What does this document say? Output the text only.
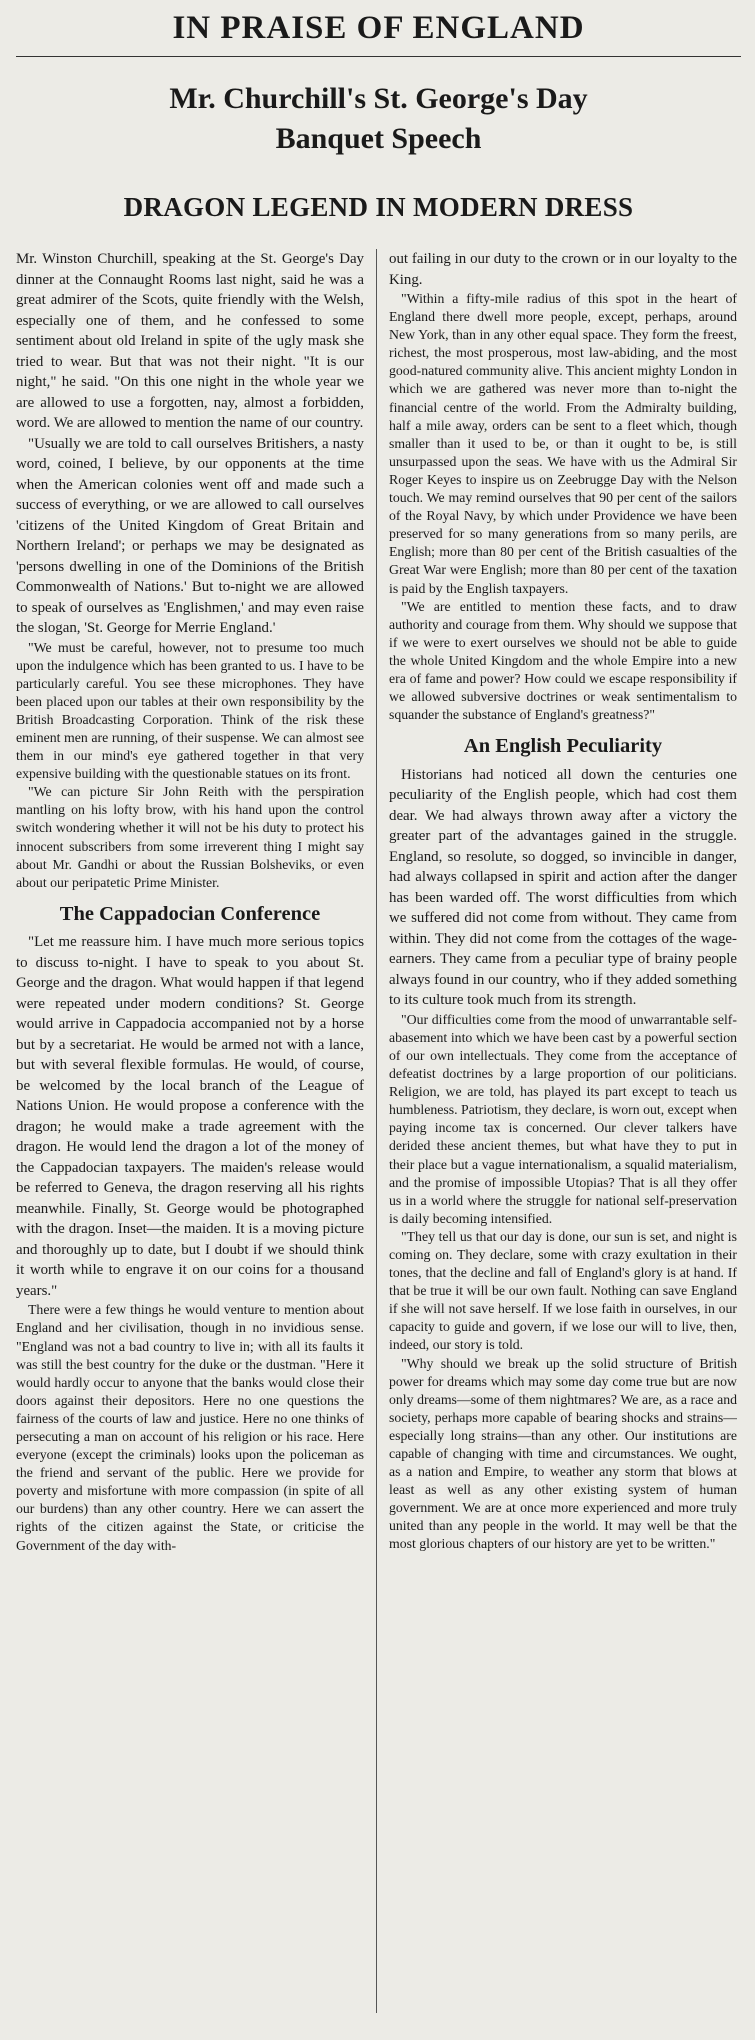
IN PRAISE OF ENGLAND
Mr. Churchill's St. George's Day
Banquet Speech
DRAGON LEGEND IN MODERN DRESS

Mr. Winston Churchill, speaking at the St. George's Day dinner at the Connaught Rooms last night, said he was a great admirer of the Scots, quite friendly with the Welsh, especially one of them, and he confessed to some sentiment about old Ireland in spite of the ugly mask she tried to wear. But that was not their night. "It is our night," he said. "On this one night in the whole year we are allowed to use a forgotten, nay, almost a forbidden, word. We are allowed to mention the name of our country.

"Usually we are told to call ourselves Britishers, a nasty word, coined, I believe, by our opponents at the time when the American colonies went off and made such a success of everything, or we are allowed to call ourselves 'citizens of the United Kingdom of Great Britain and Northern Ireland'; or perhaps we may be designated as 'persons dwelling in one of the Dominions of the British Commonwealth of Nations.' But to-night we are allowed to speak of ourselves as 'Englishmen,' and may even raise the slogan, 'St. George for Merrie England.'

"We must be careful, however, not to presume too much upon the indulgence which has been granted to us. I have to be particularly careful. You see these microphones. They have been placed upon our tables at their own responsibility by the British Broadcasting Corporation. Think of the risk these eminent men are running, of their suspense. We can almost see them in our mind's eye gathered together in that very expensive building with the questionable statues on its front.

"We can picture Sir John Reith with the perspiration mantling on his lofty brow, with his hand upon the control switch wondering whether it will not be his duty to protect his innocent subscribers from some irreverent thing I might say about Mr. Gandhi or about the Russian Bolsheviks, or even about our peripatetic Prime Minister.

The Cappadocian Conference

"Let me reassure him. I have much more serious topics to discuss to-night. I have to speak to you about St. George and the dragon. What would happen if that legend were repeated under modern conditions? St. George would arrive in Cappadocia accompanied not by a horse but by a secretariat. He would be armed not with a lance, but with several flexible formulas. He would, of course, be welcomed by the local branch of the League of Nations Union. He would propose a conference with the dragon; he would make a trade agreement with the dragon. He would lend the dragon a lot of the money of the Cappadocian taxpayers. The maiden's release would be referred to Geneva, the dragon reserving all his rights meanwhile. Finally, St. George would be photographed with the dragon. Inset—the maiden. It is a moving picture and thoroughly up to date, but I doubt if we should think it worth while to engrave it on our coins for a thousand years."

There were a few things he would venture to mention about England and her civilisation, though in no invidious sense. "England was not a bad country to live in; with all its faults it was still the best country for the duke or the dustman. "Here it would hardly occur to anyone that the banks would close their doors against their depositors. Here no one questions the fairness of the courts of law and justice. Here no one thinks of persecuting a man on account of his religion or his race. Here everyone (except the criminals) looks upon the policeman as the friend and servant of the public. Here we provide for poverty and misfortune with more compassion (in spite of all our burdens) than any other country. Here we can assert the rights of the citizen against the State, or criticise the Government of the day with-

out failing in our duty to the crown or in our loyalty to the King.

"Within a fifty-mile radius of this spot in the heart of England there dwell more people, except, perhaps, around New York, than in any other equal space. They form the freest, richest, the most prosperous, most law-abiding, and the most good-natured community alive. This ancient mighty London in which we are gathered was never more than to-night the financial centre of the world. From the Admiralty building, half a mile away, orders can be sent to a fleet which, though smaller than it used to be, or than it ought to be, is still unsurpassed upon the seas. We have with us the Admiral Sir Roger Keyes to inspire us on Zeebrugge Day with the Nelson touch. We may remind ourselves that 90 per cent of the sailors of the Royal Navy, by which under Providence we have been preserved for so many generations from so many perils, are English; more than 80 per cent of the British casualties of the Great War were English; more than 80 per cent of the taxation is paid by the English taxpayers.

"We are entitled to mention these facts, and to draw authority and courage from them. Why should we suppose that if we were to exert ourselves we should not be able to guide the whole United Kingdom and the whole Empire into a new era of fame and power? How could we escape responsibility if we allowed subversive doctrines or weak sentimentalism to squander the substance of England's greatness?"

An English Peculiarity

Historians had noticed all down the centuries one peculiarity of the English people, which had cost them dear. We had always thrown away after a victory the greater part of the advantages gained in the struggle. England, so resolute, so dogged, so invincible in danger, had always collapsed in spirit and action after the danger has been warded off. The worst difficulties from which we suffered did not come from without. They came from within. They did not come from the cottages of the wage-earners. They came from a peculiar type of brainy people always found in our country, who if they added something to its culture took much from its strength.

"Our difficulties come from the mood of unwarrantable self-abasement into which we have been cast by a powerful section of our own intellectuals. They come from the acceptance of defeatist doctrines by a large proportion of our politicians. Religion, we are told, has played its part except to teach us humbleness. Patriotism, they declare, is worn out, except when paying income tax is concerned. Our clever talkers have derided these ancient themes, but what have they to put in their place but a vague internationalism, a squalid materialism, and the promise of impossible Utopias? That is all they offer us in a world where the struggle for national self-preservation is daily becoming intensified.

"They tell us that our day is done, our sun is set, and night is coming on. They declare, some with crazy exultation in their tones, that the decline and fall of England's glory is at hand. If that be true it will be our own fault. Nothing can save England if she will not save herself. If we lose faith in ourselves, in our capacity to guide and govern, if we lose our will to live, then, indeed, our story is told.

"Why should we break up the solid structure of British power for dreams which may some day come true but are now only dreams—some of them nightmares? We are, as a race and society, perhaps more capable of bearing shocks and strains—especially long strains—than any other. Our institutions are capable of changing with time and circumstances. We ought, as a nation and Empire, to weather any storm that blows at least as well as any other existing system of human government. We are at once more experienced and more truly united than any people in the world. It may well be that the most glorious chapters of our history are yet to be written."
